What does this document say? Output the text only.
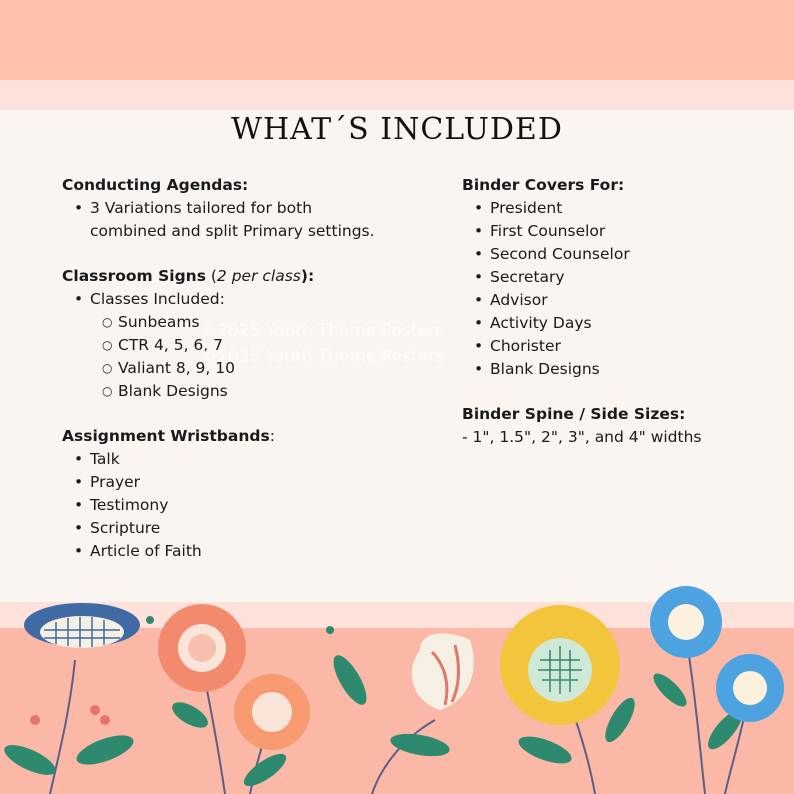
WHAT´S INCLUDED
Conducting Agendas:
• 3 Variations tailored for both
combined and split Primary settings.
Classroom Signs (2 per class):
• Classes Included:
○ Sunbeams
○ CTR 4, 5, 6, 7
○ Valiant 8, 9, 10
○ Blank Designs
Assignment Wristbands:
• Talk
• Prayer
• Testimony
• Scripture
• Article of Faith
Binder Covers For:
• President
• First Counselor
• Second Counselor
• Secretary
• Advisor
• Activity Days
• Chorister
• Blank Designs
Binder Spine / Side Sizes:
- 1", 1.5", 2", 3", and 4" widths
©2025 Youth Theme Posters
©2025 Youth Theme Posters
